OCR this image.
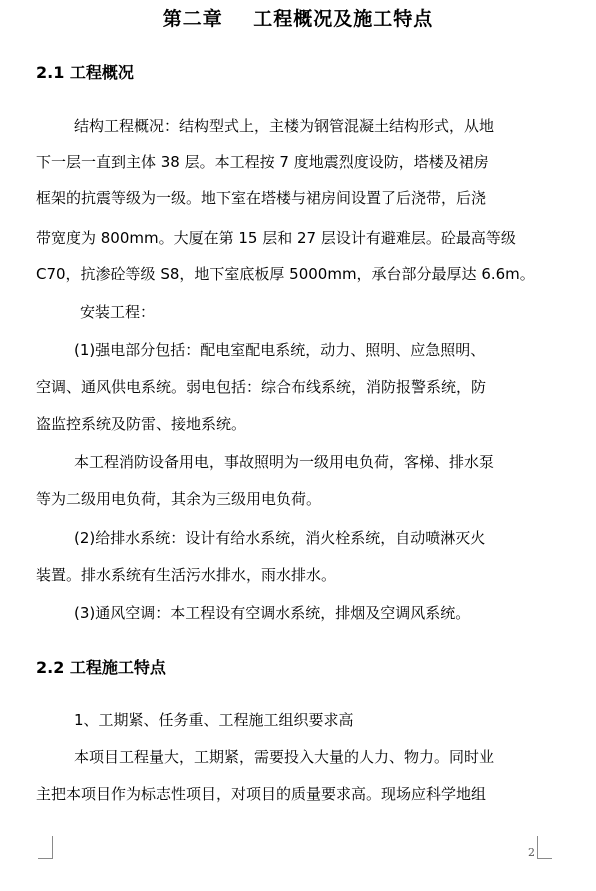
第二章    工程概况及施工特点
2.1 工程概况
结构工程概况：结构型式上，主楼为钢管混凝土结构形式，从地
下一层一直到主体 38 层。本工程按 7 度地震烈度设防，塔楼及裙房
框架的抗震等级为一级。地下室在塔楼与裙房间设置了后浇带，后浇
带宽度为 800mm。大厦在第 15 层和 27 层设计有避难层。砼最高等级
C70，抗渗砼等级 S8，地下室底板厚 5000mm，承台部分最厚达 6.6m。
安装工程：
(1)强电部分包括：配电室配电系统，动力、照明、应急照明、
空调、通风供电系统。弱电包括：综合布线系统，消防报警系统，防
盗监控系统及防雷、接地系统。
本工程消防设备用电，事故照明为一级用电负荷，客梯、排水泵
等为二级用电负荷，其余为三级用电负荷。
(2)给排水系统：设计有给水系统，消火栓系统，自动喷淋灭火
装置。排水系统有生活污水排水，雨水排水。
(3)通风空调：本工程设有空调水系统，排烟及空调风系统。
2.2 工程施工特点
1、工期紧、任务重、工程施工组织要求高
本项目工程量大，工期紧，需要投入大量的人力、物力。同时业
主把本项目作为标志性项目，对项目的质量要求高。现场应科学地组
2
